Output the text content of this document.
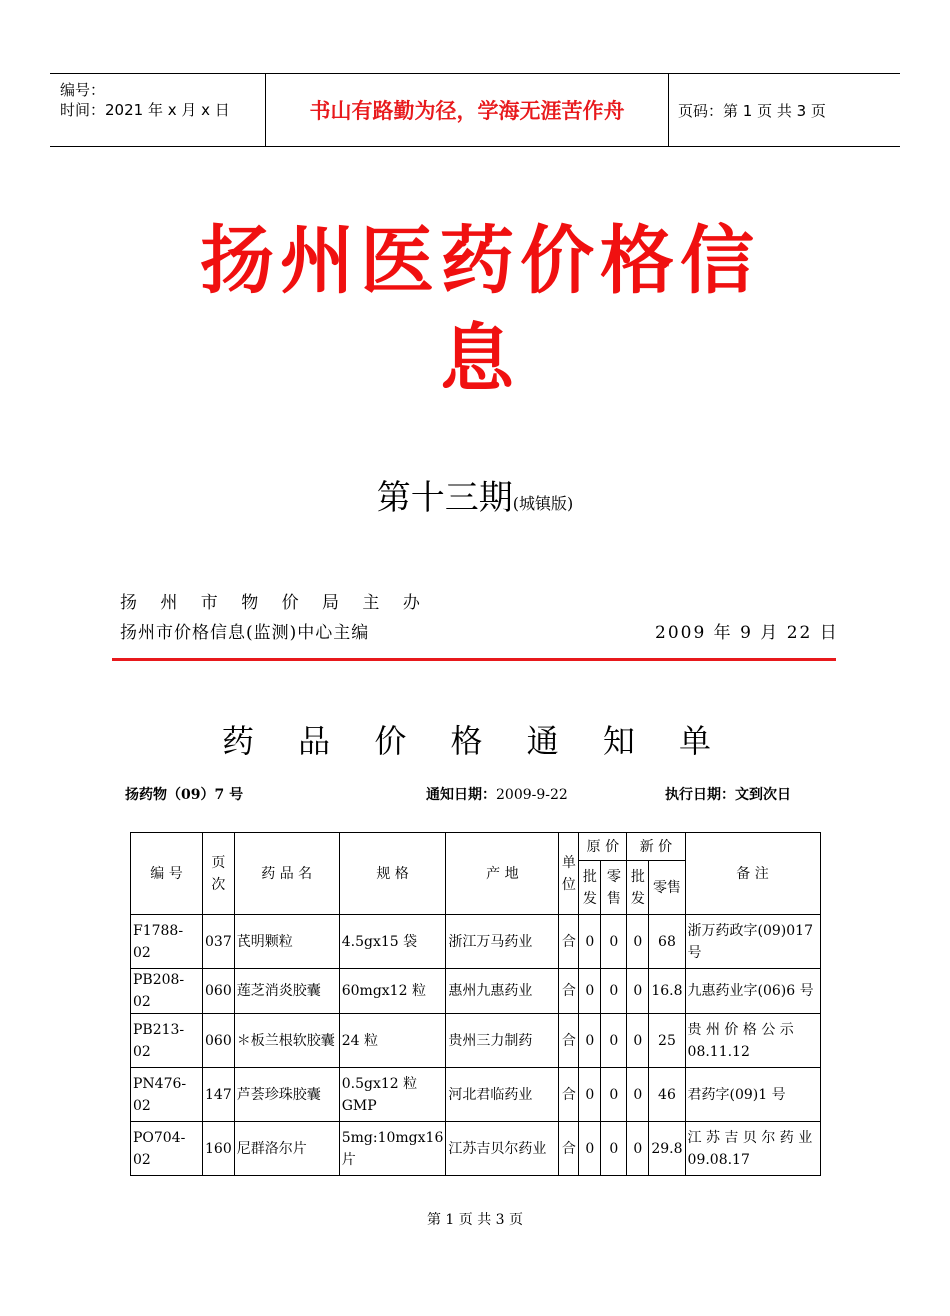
编号：
时间：2021 年 x 月 x 日	书山有路勤为径，学海无涯苦作舟	页码：第 1 页 共 3 页
扬州医药价格信
息
第十三期(城镇版)
扬 州 市 物 价 局 主 办
扬州市价格信息(监测)中心主编	2009 年 9 月 22 日
药 品 价 格 通 知 单
扬药物（09）7 号	通知日期：2009-9-22	执行日期：文到次日
编 号	页次	药 品 名	规 格	产 地	单位	原 价		新 价		备 注
						批发	零售	批发	零售	
F1788-02	037	芪明颗粒	4.5gx15 袋	浙江万马药业	合	0	0	0	68	浙万药政字(09)017 号
PB208-02	060	莲芝消炎胶囊	60mgx12 粒	惠州九惠药业	合	0	0	0	16.8	九惠药业字(06)6 号
PB213-02	060	＊板兰根软胶囊	24 粒	贵州三力制药	合	0	0	0	25	贵 州 价 格 公 示 08.11.12
PN476-02	147	芦荟珍珠胶囊	0.5gx12 粒 GMP	河北君临药业	合	0	0	0	46	君药字(09)1 号
PO704-02	160	尼群洛尔片	5mg:10mgx16 片	江苏吉贝尔药业	合	0	0	0	29.8	江 苏 吉 贝 尔 药 业 09.08.17
第 1 页 共 3 页
